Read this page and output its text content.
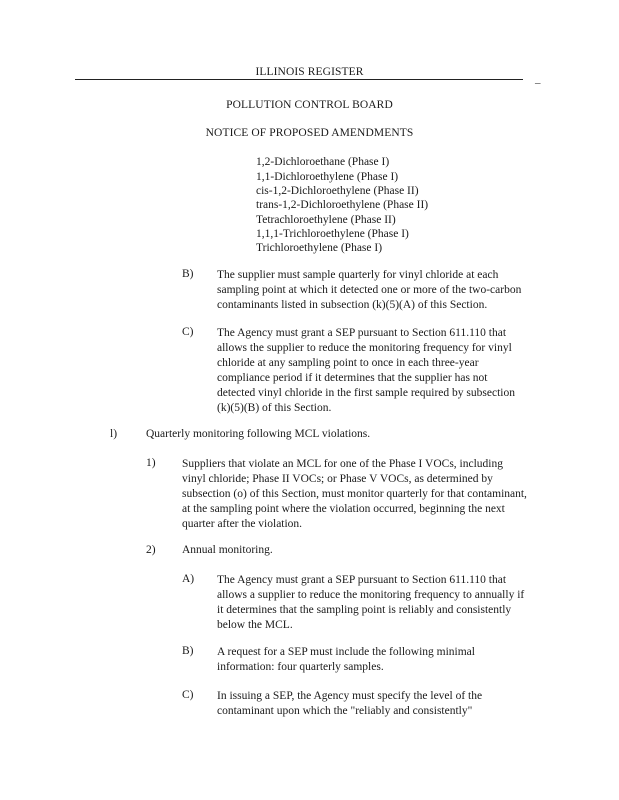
ILLINOIS REGISTER
_
POLLUTION CONTROL BOARD
NOTICE OF PROPOSED AMENDMENTS
1,2-Dichloroethane (Phase I)
1,1-Dichloroethylene (Phase I)
cis-1,2-Dichloroethylene (Phase II)
trans-1,2-Dichloroethylene (Phase II)
Tetrachloroethylene (Phase II)
1,1,1-Trichloroethylene (Phase I)
Trichloroethylene (Phase I)
B) The supplier must sample quarterly for vinyl chloride at each
sampling point at which it detected one or more of the two-carbon
contaminants listed in subsection (k)(5)(A) of this Section.
C) The Agency must grant a SEP pursuant to Section 611.110 that
allows the supplier to reduce the monitoring frequency for vinyl
chloride at any sampling point to once in each three-year
compliance period if it determines that the supplier has not
detected vinyl chloride in the first sample required by subsection
(k)(5)(B) of this Section.
l)	Quarterly monitoring following MCL violations.
1) Suppliers that violate an MCL for one of the Phase I VOCs, including
vinyl chloride; Phase II VOCs; or Phase V VOCs, as determined by
subsection (o) of this Section, must monitor quarterly for that contaminant,
at the sampling point where the violation occurred, beginning the next
quarter after the violation.
2) Annual monitoring.
A) The Agency must grant a SEP pursuant to Section 611.110 that
allows a supplier to reduce the monitoring frequency to annually if
it determines that the sampling point is reliably and consistently
below the MCL.
B) A request for a SEP must include the following minimal
information: four quarterly samples.
C) In issuing a SEP, the Agency must specify the level of the
contaminant upon which the "reliably and consistently"
